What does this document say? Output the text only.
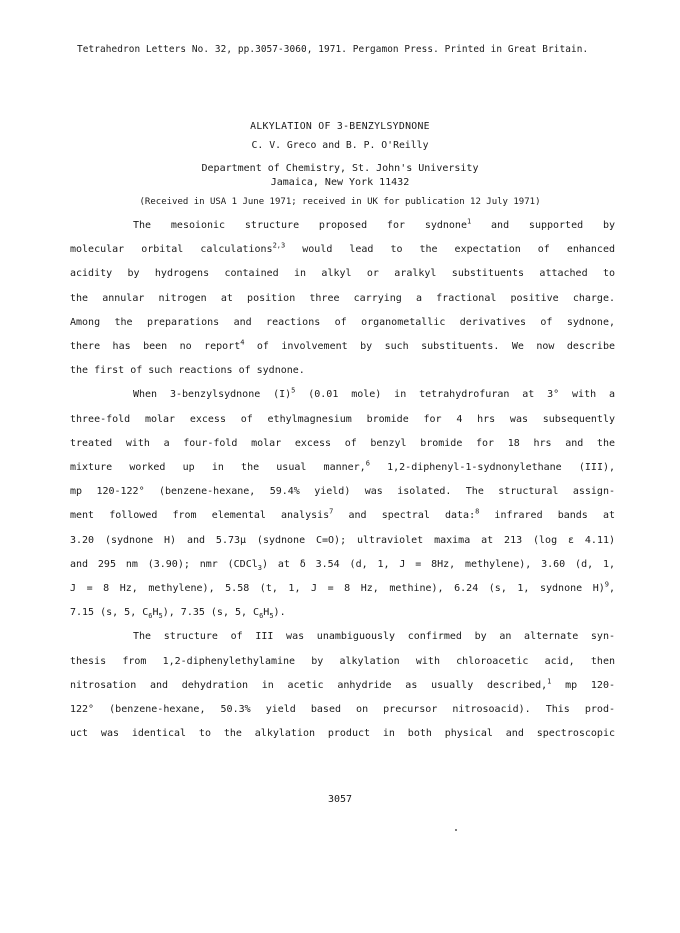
Tetrahedron Letters No. 32, pp.3057-3060, 1971. Pergamon Press. Printed in Great Britain.
ALKYLATION OF 3-BENZYLSYDNONE
C. V. Greco and B. P. O'Reilly
Department of Chemistry, St. John's University
Jamaica, New York 11432
(Received in USA 1 June 1971; received in UK for publication 12 July 1971)

The mesoionic structure proposed for sydnone$^1$ and supported by

molecular orbital calculations$^{2,3}$ would lead to the expectation of enhanced

acidity by hydrogens contained in alkyl or aralkyl substituents attached to

the annular nitrogen at position three carrying a fractional positive charge.

Among the preparations and reactions of organometallic derivatives of sydnone,

there has been no report$^4$ of involvement by such substituents. We now describe

the first of such reactions of sydnone.

When 3-benzylsydnone $(I)^5$ (0.01 mole) in tetrahydrofuran at 3° with a

three-fold molar excess of ethylmagnesium bromide for 4 hrs was subsequently

treated with a four-fold molar excess of benzyl bromide for 18 hrs and the

mixture worked up in the usual manner,$^6$ 1,2-diphenyl-1-sydnonylethane (III),

mp 120-122° (benzene-hexane, 59.4% yield) was isolated. The structural assign-

ment followed from elemental analysis$^7$ and spectral data:$^8$ infrared bands at

3.20 (sydnone H) and 5.73μ (sydnone C=O); ultraviolet maxima at 213 (log ε 4.11)

and 295 nm (3.90); nmr (CDCl$_3$) at δ 3.54 (d, 1, J = 8Hz, methylene), 3.60 (d, 1,

J = 8 Hz, methylene), 5.58 (t, 1, J = 8 Hz, methine), 6.24 (s, 1, sydnone H)$^9$,

7.15 (s, 5, $C_6H_5$), 7.35 (s, 5, $C_6H_5$).

The structure of III was unambiguously confirmed by an alternate syn-

thesis from 1,2-diphenylethylamine by alkylation with chloroacetic acid, then

nitrosation and dehydration in acetic anhydride as usually described,$^1$ mp 120-

122° (benzene-hexane, 50.3% yield based on precursor nitrosoacid). This prod-

uct was identical to the alkylation product in both physical and spectroscopic

3057
